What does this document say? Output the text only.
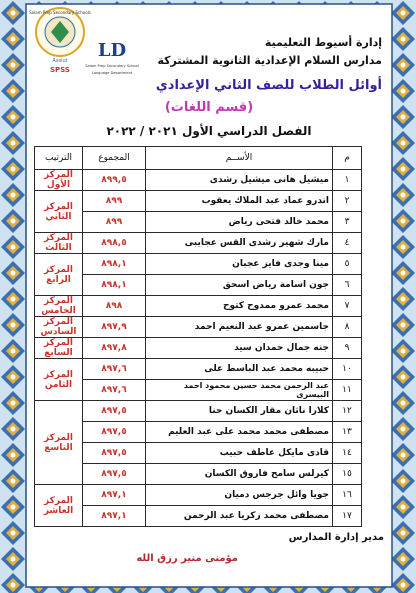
إدارة أسيوط التعليمية
مدارس السلام الإعدادية الثانوية المشتركة
أوائل الطلاب للصف الثاني الإعدادي
(قسم اللغات)
الفصل الدراسي الأول ٢٠٢١ / ٢٠٢٢
Salam Prep Secondary Schools
Assiut
SPSS
LD
Salam Prep Secondary School
Language Department
م	الأســم	المجموع	الترتيب
١	ميشيل هانى ميشيل رشدى	٨٩٩,٥	المركز الأول
٢	اندرو عماد عبد الملاك يعقوب	٨٩٩	المركز الثاني
٣	محمد خالد فتحى رياض	٨٩٩	
٤	مارك شهير رشدى القس عجايبى	٨٩٨,٥	المركز الثالث
٥	مينا وجدى فايز عجبان	٨٩٨,١	المركز الرابع
٦	جون اسامة رياض اسحق	٨٩٨,١	
٧	محمد عمرو ممدوح كتوح	٨٩٨	المركز الخامس
٨	جاسمين عمرو عبد النعيم احمد	٨٩٧,٩	المركز السادس
٩	جنه جمال حمدان سيد	٨٩٧,٨	المركز السابع
١٠	حبيبه محمد عبد الباسط على	٨٩٧,٦	المركز الثامن
١١	عبد الرحمن محمد حسين محمود احمد البيسرى	٨٩٧,٦	
١٢	كلارا ناثان مقار الكسان حنا	٨٩٧,٥	المركز التاسع
١٣	مصطفى محمد محمد على عبد العليم	٨٩٧,٥	
١٤	فادى مايكل عاطف حبيب	٨٩٧,٥	
١٥	كيرلس سامح فاروق الكسان	٨٩٧,٥	
١٦	جويا وائل جرجس دميان	٨٩٧,١	المركز العاشر
١٧	مصطفى محمد زكريا عبد الرحمن	٨٩٧,١	
مدير إدارة المدارس
مؤمنى منير رزق الله
